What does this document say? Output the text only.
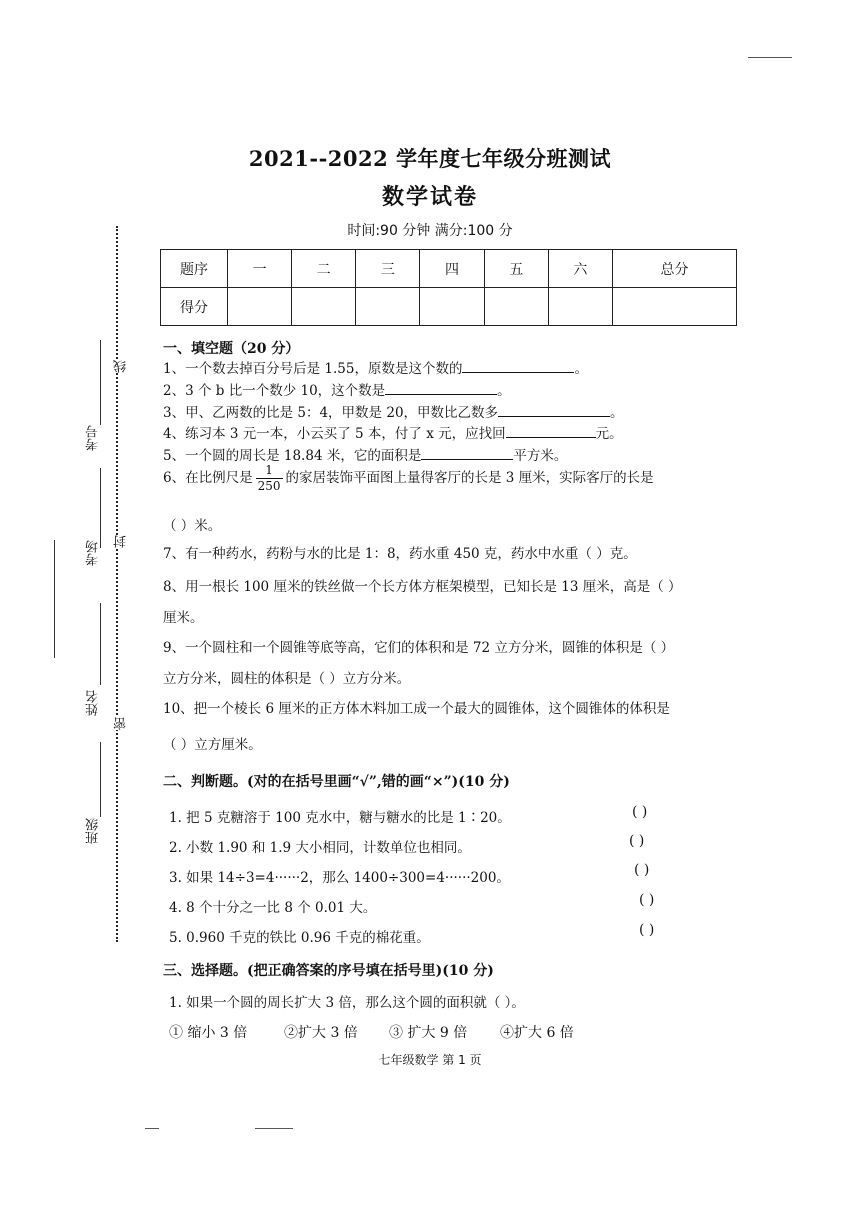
2021--2022 学年度七年级分班测试
数学试卷
时间:90 分钟 满分:100 分
题序	一	二	三	四	五	六	总分
得分							
考号
考场
姓名
班级
线
封
密
一、填空题（20 分）
1、一个数去掉百分号后是 1.55，原数是这个数的	。
2、3 个 b 比一个数少 10，这个数是	。
3、甲、乙两数的比是 5：4，甲数是 20，甲数比乙数多	。
4、练习本 3 元一本，小云买了 5 本，付了 x 元，应找回	元。
5、一个圆的周长是 18.84 米，它的面积是	平方米。
6、在比例尺是 $\frac{1}{250}$ 的家居装饰平面图上量得客厅的长是 3 厘米，实际客厅的长是
（ ）米。
7、有一种药水，药粉与水的比是 1：8，药水重 450 克，药水中水重（ ）克。
8、用一根长 100 厘米的铁丝做一个长方体方框架模型，已知长是 13 厘米，高是（ ）
厘米。
9、一个圆柱和一个圆锥等底等高，它们的体积和是 72 立方分米，圆锥的体积是（ ）
立方分米，圆柱的体积是（ ）立方分米。
10、把一个棱长 6 厘米的正方体木料加工成一个最大的圆锥体，这个圆锥体的体积是
（ ）立方厘米。
二、判断题。(对的在括号里画“√”,错的画“×”)(10 分)
1. 把 5 克糖溶于 100 克水中，糖与糖水的比是 1∶20。	( )
2. 小数 1.90 和 1.9 大小相同，计数单位也相同。	( )
3. 如果 14÷3=4······2，那么 1400÷300=4······200。	( )
4. 8 个十分之一比 8 个 0.01 大。	( )
5. 0.960 千克的铁比 0.96 千克的棉花重。	( )
三、选择题。(把正确答案的序号填在括号里)(10 分)
1. 如果一个圆的周长扩大 3 倍，那么这个圆的面积就（ ）。
① 缩小 3 倍	②扩大 3 倍 ③ 扩大 9 倍 ④扩大 6 倍
七年级数学 第 1 页
